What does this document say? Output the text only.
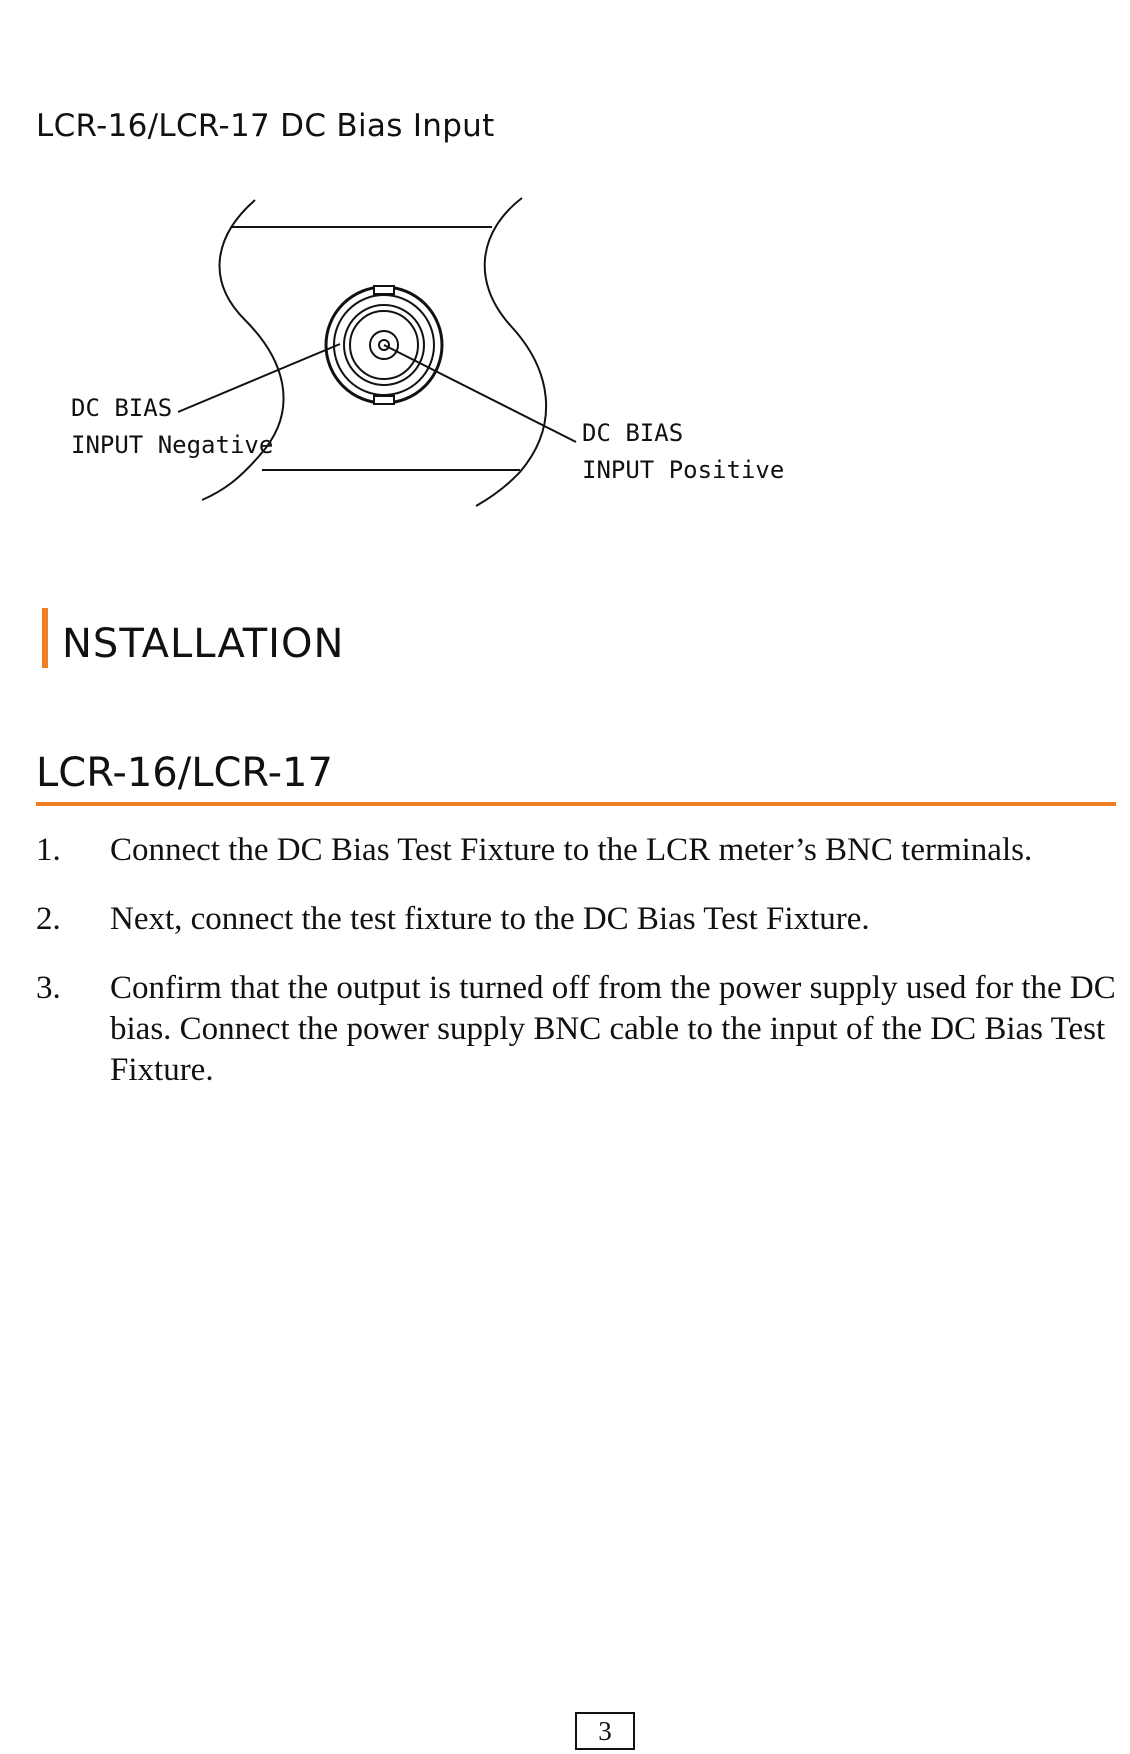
LCR-16/LCR-17 DC Bias Input
DC BIAS
INPUT Negative	DC BIAS
INPUT Positive
NSTALLATION
LCR-16/LCR-17
1.	Connect the DC Bias Test Fixture to the LCR meter’s BNC terminals.
2.	Next, connect the test fixture to the DC Bias Test Fixture.
3.	Confirm that the output is turned off from the power supply used for the DC bias. Connect the power supply BNC cable to the input of the DC Bias Test Fixture.
3
